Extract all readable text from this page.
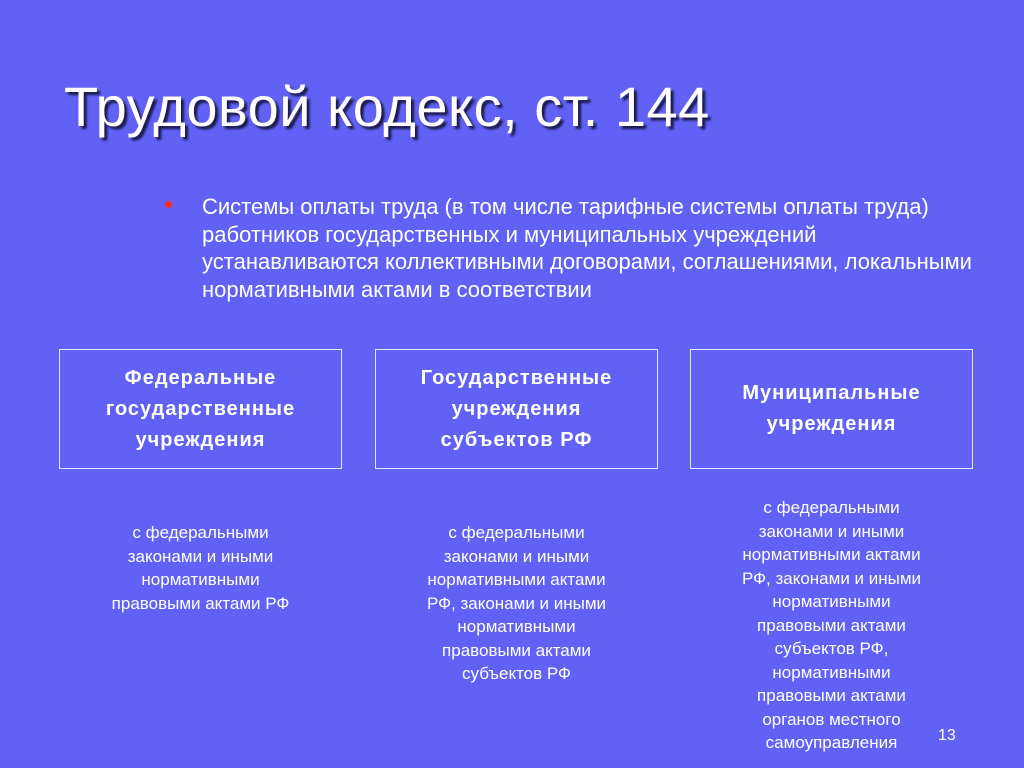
Трудовой кодекс, ст. 144
•	Системы оплаты труда (в том числе тарифные системы оплаты труда) работников государственных и муниципальных учреждений устанавливаются коллективными договорами, соглашениями, локальными нормативными актами в соответствии
Федеральные
государственные
учреждения
Государственные
учреждения
субъектов РФ
Муниципальные
учреждения
с федеральными
законами и иными
нормативными
правовыми актами РФ
с федеральными
законами и иными
нормативными актами
РФ, законами и иными
нормативными
правовыми актами
субъектов РФ
с федеральными
законами и иными
нормативными актами
РФ, законами и иными
нормативными
правовыми актами
субъектов РФ,
нормативными
правовыми актами
органов местного
самоуправления	13
